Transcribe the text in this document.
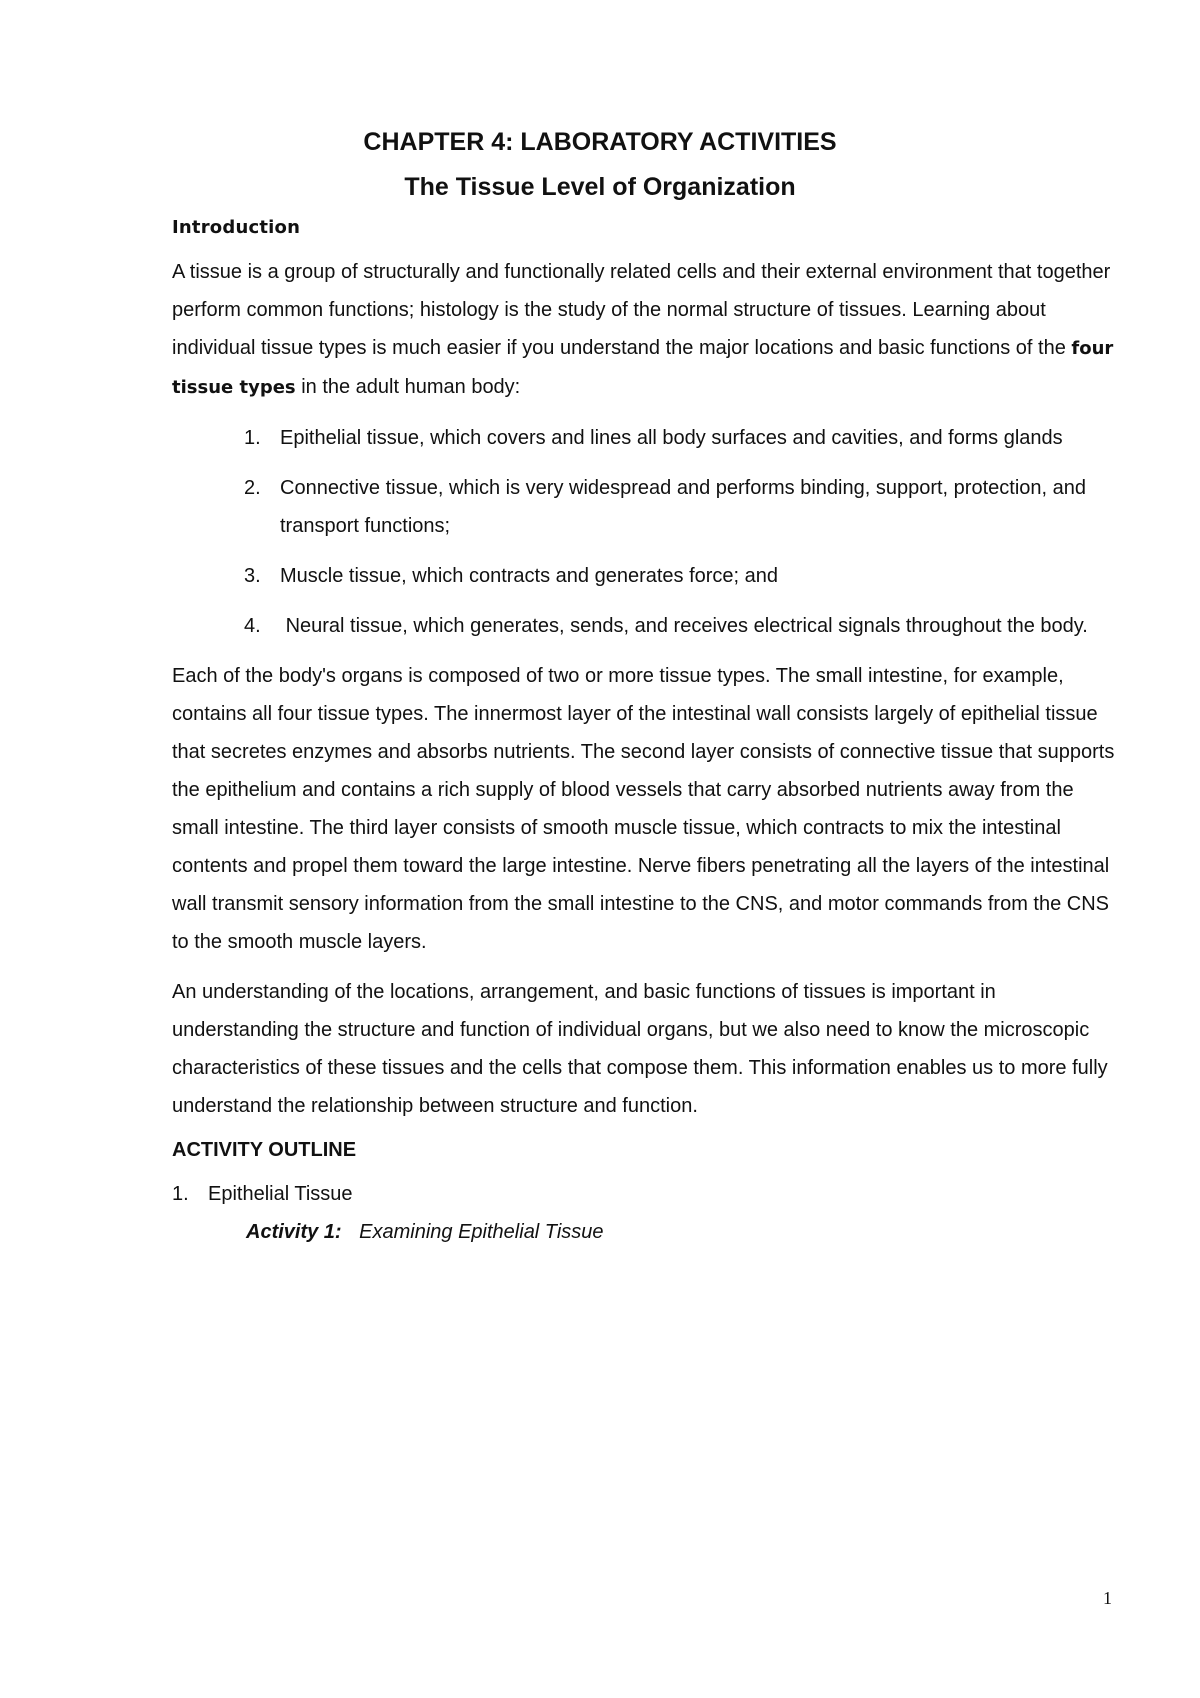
CHAPTER 4: LABORATORY ACTIVITIES
The Tissue Level of Organization
Introduction

A tissue is a group of structurally and functionally related cells and their external environment that together perform common functions; histology is the study of the normal structure of tissues. Learning about individual tissue types is much easier if you understand the major locations and basic functions of the four tissue types in the adult human body:

1. Epithelial tissue, which covers and lines all body surfaces and cavities, and forms glands
2. Connective tissue, which is very widespread and performs binding, support, protection, and transport functions;
3. Muscle tissue, which contracts and generates force; and
4. Neural tissue, which generates, sends, and receives electrical signals throughout the body.

Each of the body's organs is composed of two or more tissue types. The small intestine, for example, contains all four tissue types. The innermost layer of the intestinal wall consists largely of epithelial tissue that secretes enzymes and absorbs nutrients. The second layer consists of connective tissue that supports the epithelium and contains a rich supply of blood vessels that carry absorbed nutrients away from the small intestine. The third layer consists of smooth muscle tissue, which contracts to mix the intestinal contents and propel them toward the large intestine. Nerve fibers penetrating all the layers of the intestinal wall transmit sensory information from the small intestine to the CNS, and motor commands from the CNS to the smooth muscle layers.

An understanding of the locations, arrangement, and basic functions of tissues is important in understanding the structure and function of individual organs, but we also need to know the microscopic characteristics of these tissues and the cells that compose them. This information enables us to more fully understand the relationship between structure and function.

ACTIVITY OUTLINE
1. Epithelial Tissue
Activity 1: Examining Epithelial Tissue
1
